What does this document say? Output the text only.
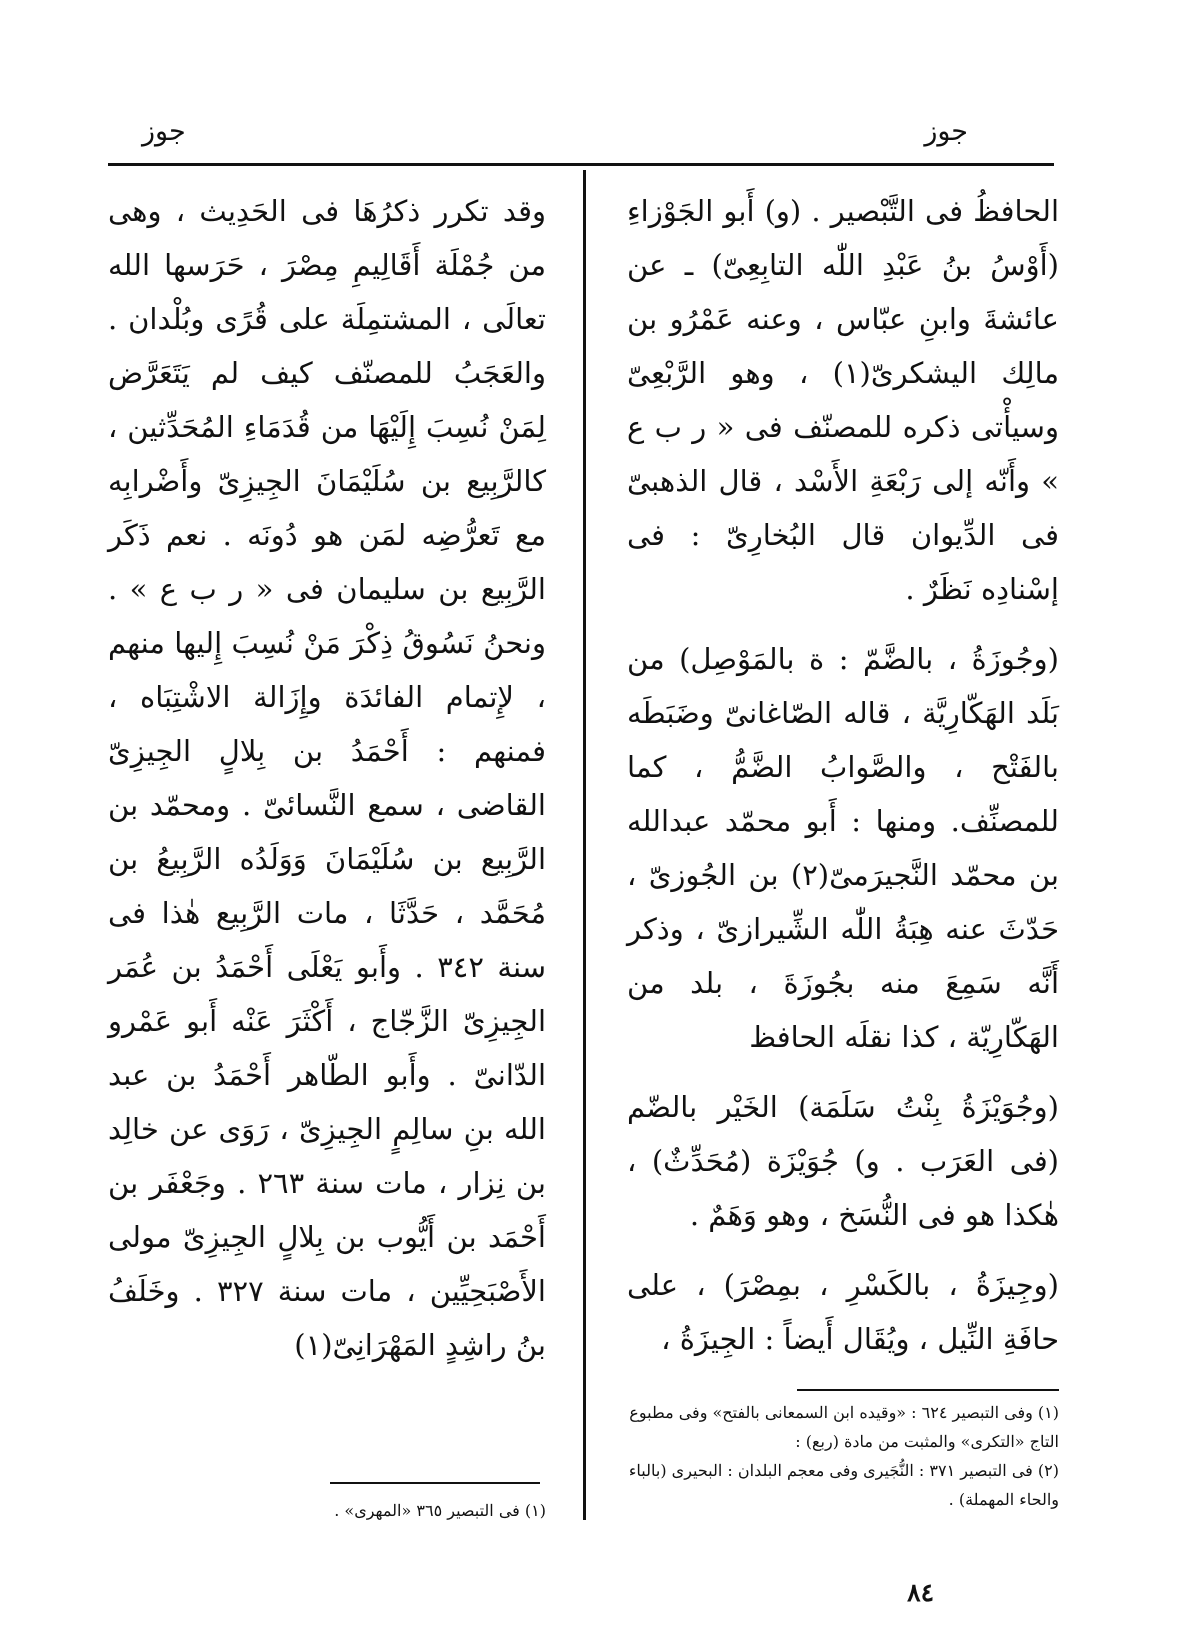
جوز
جوز

الحافظُ فى التَّبْصير . (و) أَبو الجَوْزاءِ (أَوْسُ بنُ عَبْدِ اللّٰه التابِعِىّ) ـ عن عائشةَ وابنِ عبّاس ، وعنه عَمْرُو بن مالِك اليشكرىّ(١) ، وهو الرَّبْعِىّ وسيأْتى ذكره للمصنّف فى « ر ب ع » وأَنّه إلى رَبْعَةِ الأَسْد ، قال الذهبىّ فى الدِّيوان قال البُخارِىّ : فى إسْنادِه نَظَرٌ .

(وجُوزَةُ ، بالضَّمّ : ة بالمَوْصِل) من بَلَد الهَكّارِيَّة ، قاله الصّاغانىّ وضَبَطَه بالفَتْح ، والصَّوابُ الضَّمُّ ، كما للمصنِّف. ومنها : أَبو محمّد عبدالله بن محمّد النَّجيرَمىّ(٢) بن الجُوزىّ ، حَدّثَ عنه هِبَةُ اللّٰه الشِّيرازىّ ، وذكر أَنَّه سَمِعَ منه بجُوزَةَ ، بلد من الهَكّارِيّة ، كذا نقلَه الحافظ

(وجُوَيْزَةُ بِنْتُ سَلَمَة) الخَيْر بالضّم (فى العَرَب . و) جُوَيْزَة (مُحَدِّثٌ) ، هٰكذا هو فى النُّسَخ ، وهو وَهَمٌ .

(وجِيزَةُ ، بالكَسْرِ ، بمِصْرَ) ، على حافَةِ النِّيل ، ويُقَال أَيضاً : الجِيزَةُ ،

وقد تكرر ذكرُهَا فى الحَدِيث ، وهى من جُمْلَة أَقَالِيمِ مِصْرَ ، حَرَسها الله تعالَى ، المشتمِلَة على قُرًى وبُلْدان . والعَجَبُ للمصنّف كيف لم يَتَعَرَّض لِمَنْ نُسِبَ إِلَيْهَا من قُدَمَاءِ المُحَدِّثين ، كالرَّبِيع بن سُلَيْمَانَ الجِيزِىّ وأَضْرابِه مع تَعرُّضِه لمَن هو دُونَه . نعم ذَكَر الرَّبِيع بن سليمان فى « ر ب ع » . ونحنُ نَسُوقُ ذِكْرَ مَنْ نُسِبَ إِليها منهم ، لإِتمام الفائدَة وإِزَالة الاشْتِبَاه ، فمنهم : أَحْمَدُ بن بِلالٍ الجِيزِىّ القاضى ، سمع النَّسائىّ . ومحمّد بن الرَّبِيع بن سُلَيْمَانَ وَوَلَدُه الرَّبِيعُ بن مُحَمَّد ، حَدَّثَا ، مات الرَّبِيع هٰذا فى سنة ٣٤٢ . وأَبو يَعْلَى أَحْمَدُ بن عُمَر الجِيزِىّ الزَّجّاج ، أَكْثَرَ عَنْه أَبو عَمْرو الدّانىّ . وأَبو الطّاهر أَحْمَدُ بن عبد الله بنِ سالِمٍ الجِيزِىّ ، رَوَى عن خالِد بن نِزار ، مات سنة ٢٦٣ . وجَعْفَر بن أَحْمَد بن أَيُّوب بن بِلالٍ الجِيزِىّ مولى الأَصْبَحِيِّين ، مات سنة ٣٢٧ . وخَلَفُ بنُ راشِدٍ المَهْرَانِىّ(١)

(١) وفى التبصير ٦٢٤ : «وقيده ابن السمعانى بالفتح» وفى مطبوع التاج «التكرى» والمثبت من مادة (ربع) :

(٢) فى التبصير ٣٧١ : النُّجَيرى وفى معجم البلدان : البحيرى (بالباء والحاء المهملة) .

(١) فى التبصير ٣٦٥ «المهرى» .

٨٤
